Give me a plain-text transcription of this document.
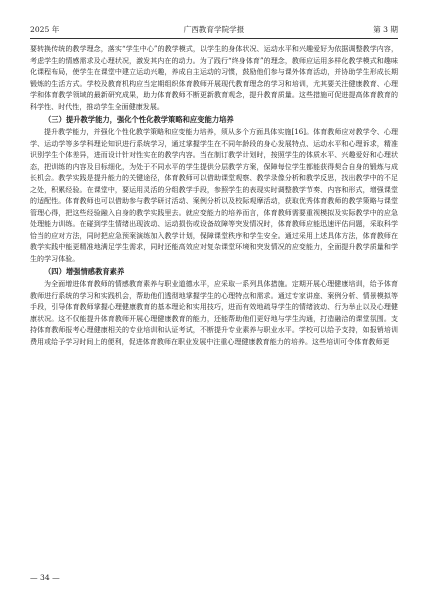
2025 年	广西教育学院学报	第 3 期

要转换传统的教学理念，落实“学生中心”的教学模式，以学生的身体状况、运动水平和兴趣爱好为依据调整教学内容，考虑学生的情感需求及心理状况，激发其内在的动力。为了践行“终身体育”的理念，教师应运用多样化教学模式和趣味化课程布局，使学生在课堂中建立运动兴趣，养成自主运动的习惯，鼓励他们参与课外体育活动，并协助学生形成长期锻炼的生活方式。学校及教育机构应当定期组织体育教师开展现代教育理念的学习和培训，尤其要关注健康教育、心理学和体育教学领域的最新研究成果，助力体育教师不断更新教育观念，提升教育质量。这些措施可促进提高体育教育的科学性、时代性，推动学生全面健康发展。

（三）提升教学能力，强化个性化教学策略和应变能力培养

提升教学能力，并强化个性化教学策略和应变能力培养，须从多个方面具体实施[16]。体育教师应对教学令、心理学、运动学等多学科理论知识进行系统学习，通过掌握学生在不同年龄段的身心发展特点、运动水平和心理诉求，精准识别学生个体差异，进而设计针对性实在的教学内容。当在制订教学计划时，按照学生的体质水平、兴趣爱好和心理状态，把训练的内容及目标细化，为处于不同水平的学生提供分层教学方案，保障每位学生都能获得契合自身的锻炼与成长机会。教学实践是提升能力的关键途径，体育教师可以借助课堂观察、教学录像分析和教学反思，找出教学中的不足之处，积累经验。在课堂中，要运用灵活的分组教学手段，参照学生的表现实时调整教学节奏、内容和形式，增强课堂的适配性。体育教师也可以借助参与教学研讨活动、案例分析以及校际观摩活动，获取优秀体育教师的教学策略与课堂管理心得，把这些经验融入自身的教学实践里去。就应变能力的培养而言，体育教师需要重视模拟及实际教学中的应急处理能力训练。在碰到学生情绪出现波动、运动损伤或设备故障等突发情况时，体育教师应能迅速评估问题，采取科学恰当的应对方法，同时把应急预案演练加入教学计划，保障课堂秩序和学生安全。通过采用上述具体方法，体育教师在教学实践中能更精准地满足学生需求，同时还能高效应对复杂课堂环境和突发情况的应变能力，全面提升教学质量和学生的学习体验。

（四）增强情感教育素养

为全面增进体育教师的情感教育素养与职业道德水平，应采取一系列具体措施。定期开展心理健康培训，给予体育教师进行系统的学习和实践机会，帮助他们透彻地掌握学生的心理特点和需求。通过专家讲座、案例分析、情景模拟等手段，引导体育教师掌握心理健康教育的基本理论和实用技巧，进而有效地疏导学生的情绪波动、行为举止以及心理健康状况。这不仅能提升体育教师开展心理健康教育的能力，还能帮助他们更好地与学生沟通，打造融洽的课堂氛围。支持体育教师报考心理健康相关的专业培训和认证考试，不断提升专业素养与职业水平。学校可以给予支持，如报销培训费用或给予学习时间上的便利，促进体育教师在职业发展中注重心理健康教育能力的培养。这些培训可令体育教师更

— 34 —
